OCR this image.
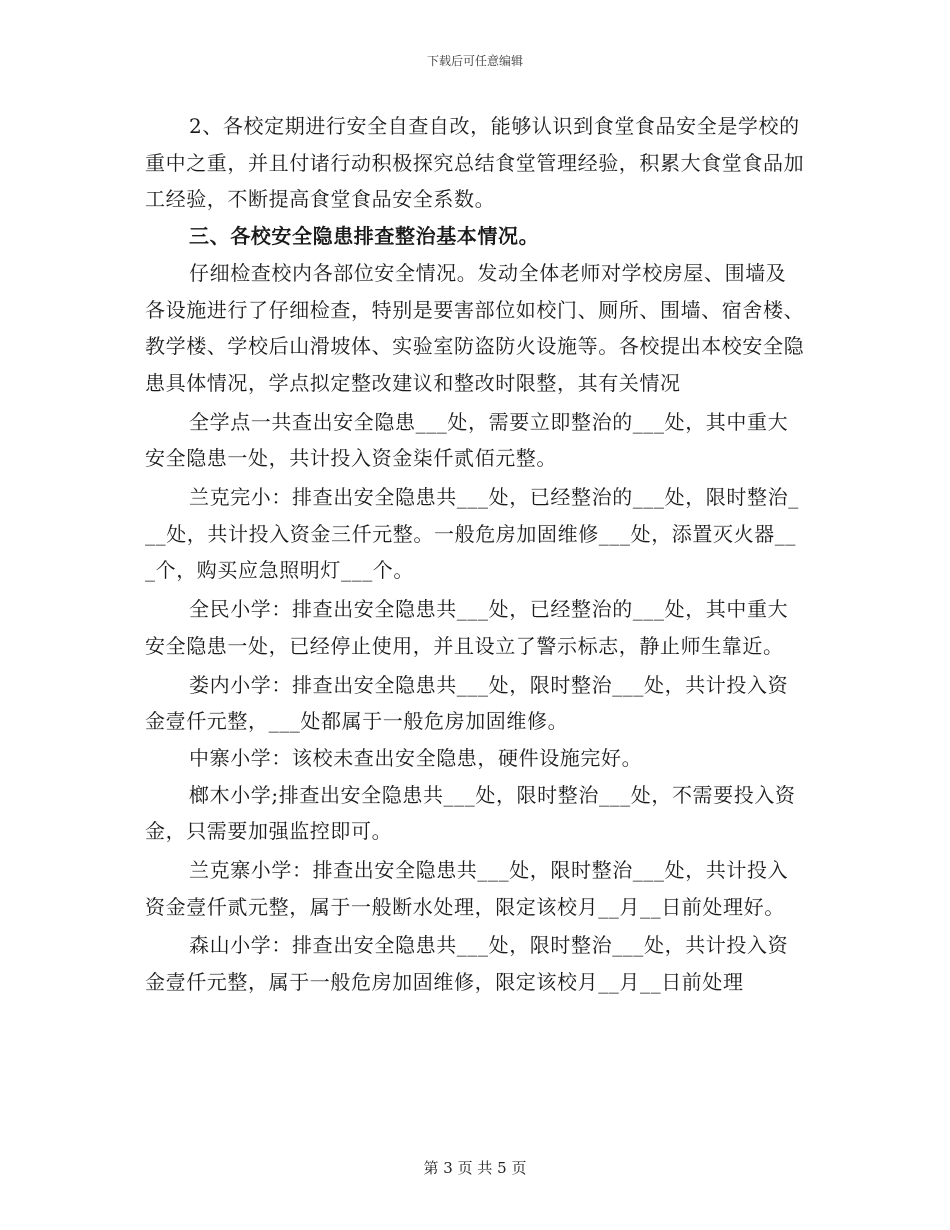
下载后可任意编辑

2、各校定期进行安全自查自改，能够认识到食堂食品安全是学校的重中之重，并且付诸行动积极探究总结食堂管理经验，积累大食堂食品加工经验，不断提高食堂食品安全系数。

三、各校安全隐患排查整治基本情况。

仔细检查校内各部位安全情况。发动全体老师对学校房屋、围墙及各设施进行了仔细检查，特别是要害部位如校门、厕所、围墙、宿舍楼、教学楼、学校后山滑坡体、实验室防盗防火设施等。各校提出本校安全隐患具体情况，学点拟定整改建议和整改时限整，其有关情况

全学点一共查出安全隐患___处，需要立即整治的___处，其中重大安全隐患一处，共计投入资金柒仟贰佰元整。

兰克完小：排查出安全隐患共___处，已经整治的___处，限时整治___处，共计投入资金三仟元整。一般危房加固维修___处，添置灭火器___个，购买应急照明灯___个。

全民小学：排查出安全隐患共___处，已经整治的___处，其中重大安全隐患一处，已经停止使用，并且设立了警示标志，静止师生靠近。

娄内小学：排查出安全隐患共___处，限时整治___处，共计投入资金壹仟元整，___处都属于一般危房加固维修。

中寨小学：该校未查出安全隐患，硬件设施完好。

榔木小学;排查出安全隐患共___处，限时整治___处，不需要投入资金，只需要加强监控即可。

兰克寨小学：排查出安全隐患共___处，限时整治___处，共计投入资金壹仟贰元整，属于一般断水处理，限定该校月__月__日前处理好。

森山小学：排查出安全隐患共___处，限时整治___处，共计投入资金壹仟元整，属于一般危房加固维修，限定该校月__月__日前处理

第 3 页 共 5 页
